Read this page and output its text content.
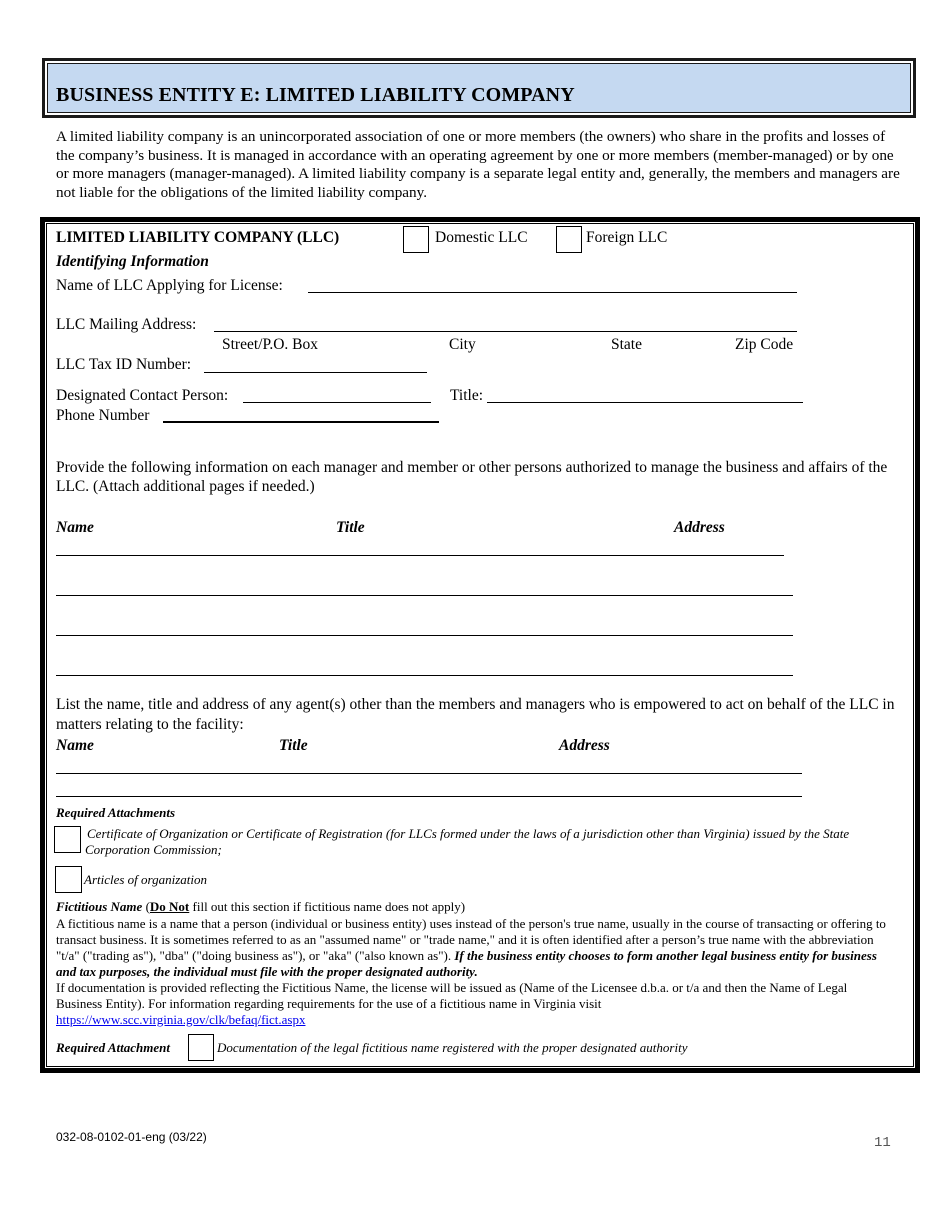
BUSINESS ENTITY E: LIMITED LIABILITY COMPANY
A limited liability company is an unincorporated association of one or more members (the owners) who share in the profits and losses of the company’s business. It is managed in accordance with an operating agreement by one or more members (member-managed) or by one or more managers (manager-managed). A limited liability company is a separate legal entity and, generally, the members and managers are not liable for the obligations of the limited liability company.
LIMITED LIABILITY COMPANY (LLC)	Domestic LLC	Foreign LLC
Identifying Information
Name of LLC Applying for License:
LLC Mailing Address:
Street/P.O. Box	City	State	Zip Code
LLC Tax ID Number:
Designated Contact Person:	Title:
Phone Number
Provide the following information on each manager and member or other persons authorized to manage the business and affairs of the LLC. (Attach additional pages if needed.)
Name	Title	Address
List the name, title and address of any agent(s) other than the members and managers who is empowered to act on behalf of the LLC in matters relating to the facility:
Name	Title	Address
Required Attachments
Certificate of Organization or Certificate of Registration (for LLCs formed under the laws of a jurisdiction other than Virginia) issued by the State Corporation Commission;
Articles of organization
Fictitious Name (Do Not fill out this section if fictitious name does not apply)
A fictitious name is a name that a person (individual or business entity) uses instead of the person's true name, usually in the course of transacting or offering to transact business. It is sometimes referred to as an "assumed name" or "trade name," and it is often identified after a person’s true name with the abbreviation "t/a" ("trading as"), "dba" ("doing business as"), or "aka" ("also known as"). If the business entity chooses to form another legal business entity for business and tax purposes, the individual must file with the proper designated authority.
If documentation is provided reflecting the Fictitious Name, the license will be issued as (Name of the Licensee d.b.a. or t/a and then the Name of Legal Business Entity). For information regarding requirements for the use of a fictitious name in Virginia visit
https://www.scc.virginia.gov/clk/befaq/fict.aspx
Required Attachment	Documentation of the legal fictitious name registered with the proper designated authority
032-08-0102-01-eng (03/22)	11
